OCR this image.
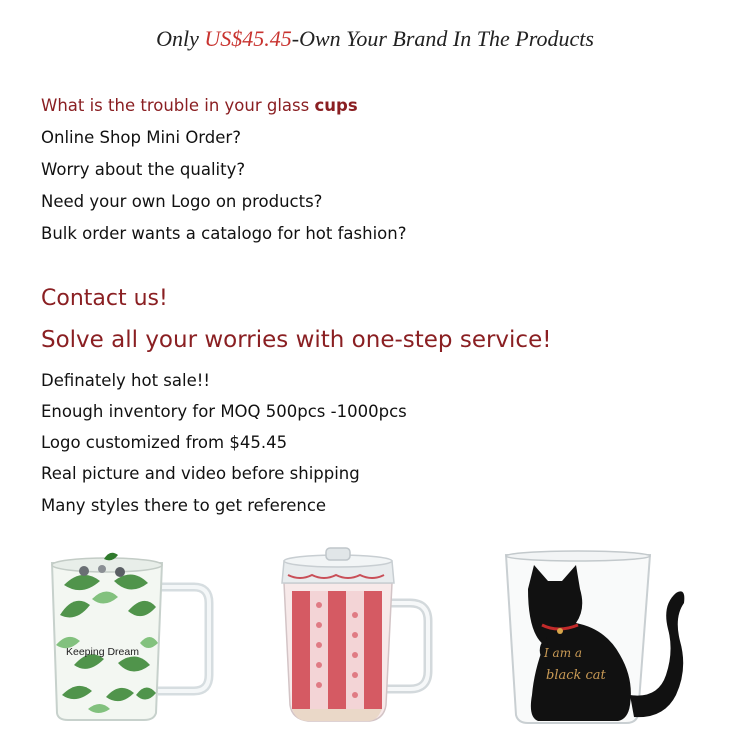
Only US$45.45-Own Your Brand In The Products
What is the trouble in your glass cups
Online Shop Mini Order?
Worry about the quality?
Need your own Logo on products?
Bulk order wants a catalogo for hot fashion?
Contact us!
Solve all your worries with one-step service!
Definately hot sale!!
Enough inventory for MOQ 500pcs -1000pcs
Logo customized from $45.45
Real picture and video before shipping
Many styles there to get reference
Keeping Dream	I am a
black cat
